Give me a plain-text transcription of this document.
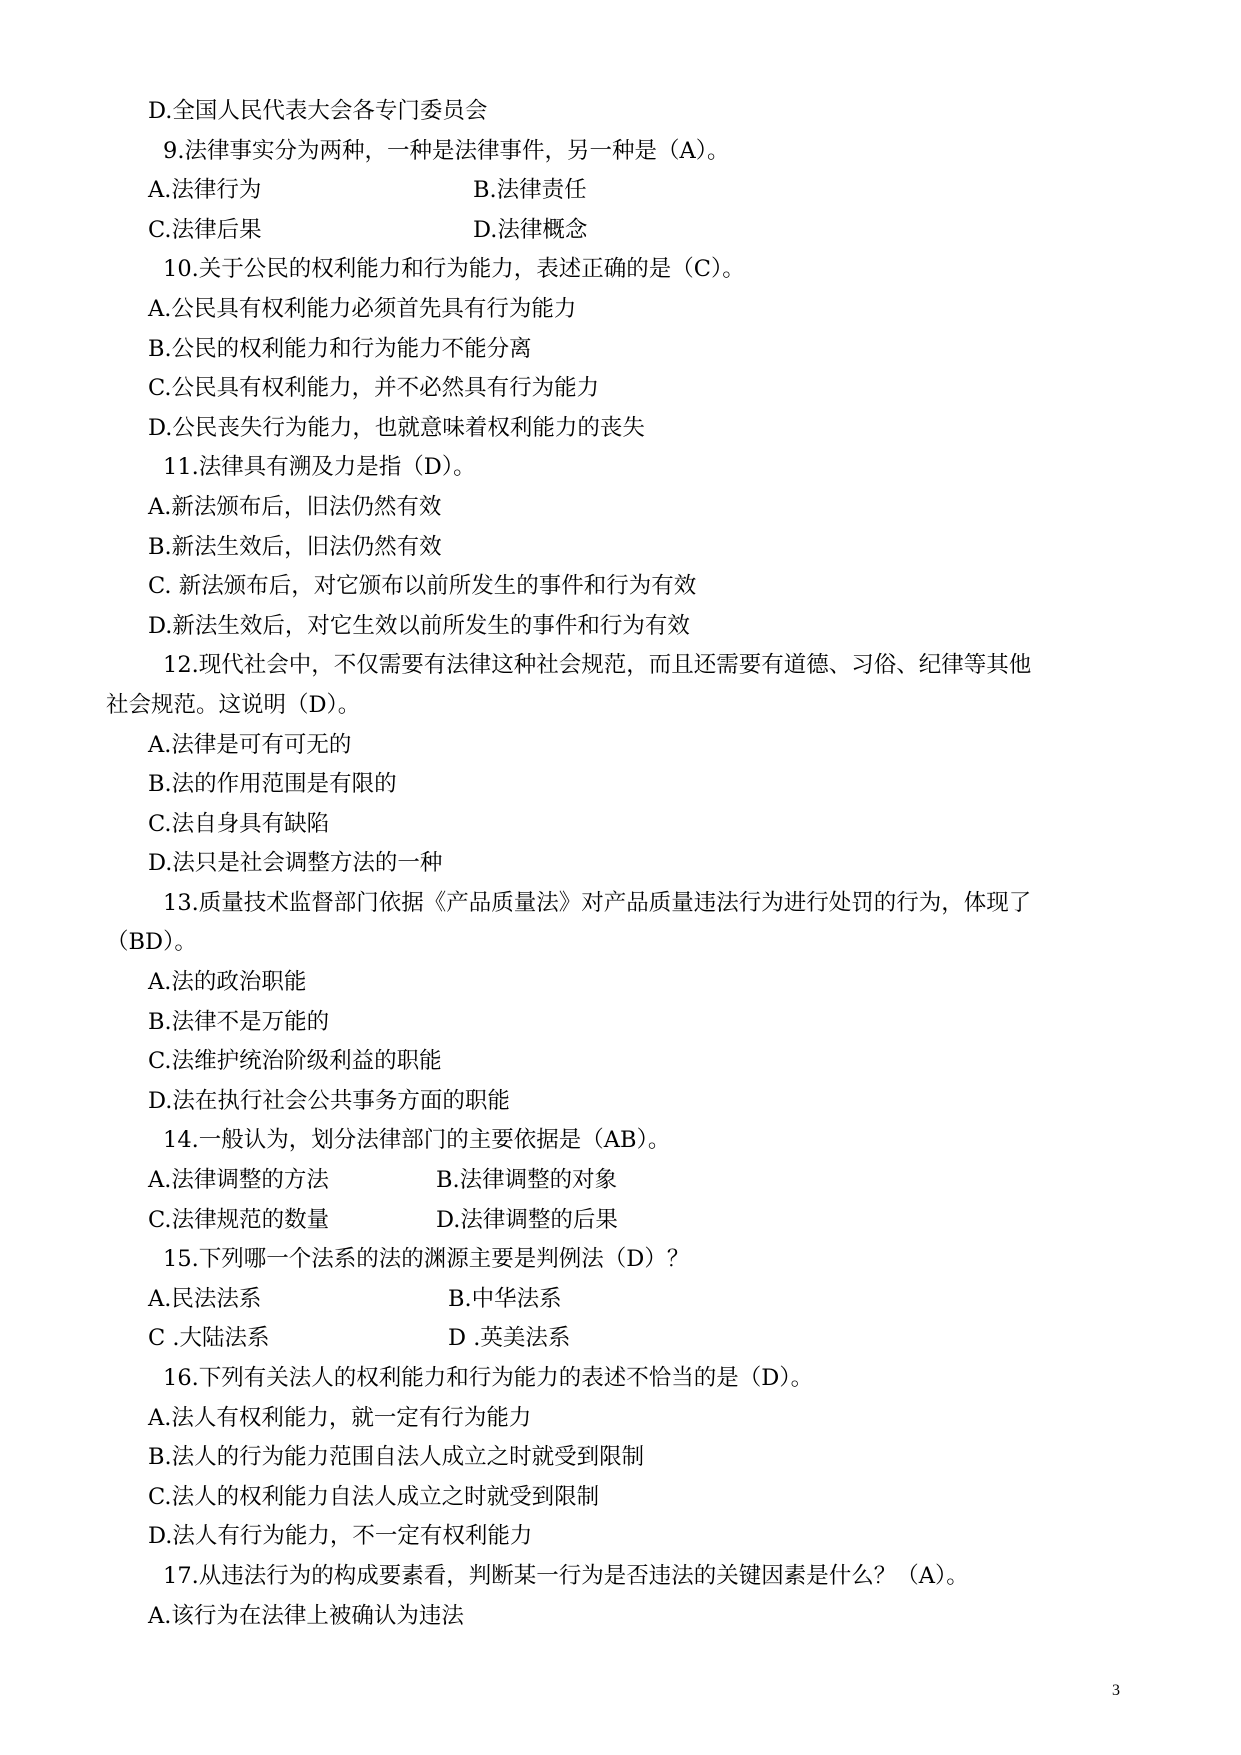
D.全国人民代表大会各专门委员会
9.法律事实分为两种，一种是法律事件，另一种是（A）。
A.法律行为	B.法律责任
C.法律后果	D.法律概念
10.关于公民的权利能力和行为能力，表述正确的是（C）。
A.公民具有权利能力必须首先具有行为能力
B.公民的权利能力和行为能力不能分离
C.公民具有权利能力，并不必然具有行为能力
D.公民丧失行为能力，也就意味着权利能力的丧失
11.法律具有溯及力是指（D）。
A.新法颁布后，旧法仍然有效
B.新法生效后，旧法仍然有效
C. 新法颁布后，对它颁布以前所发生的事件和行为有效
D.新法生效后，对它生效以前所发生的事件和行为有效
12.现代社会中，不仅需要有法律这种社会规范，而且还需要有道德、习俗、纪律等其他
社会规范。这说明（D）。
A.法律是可有可无的
B.法的作用范围是有限的
C.法自身具有缺陷
D.法只是社会调整方法的一种
13.质量技术监督部门依据《产品质量法》对产品质量违法行为进行处罚的行为，体现了
（BD）。
A.法的政治职能
B.法律不是万能的
C.法维护统治阶级利益的职能
D.法在执行社会公共事务方面的职能
14.一般认为，划分法律部门的主要依据是（AB）。
A.法律调整的方法	B.法律调整的对象
C.法律规范的数量	D.法律调整的后果
15.下列哪一个法系的法的渊源主要是判例法（D）？
A.民法法系	B.中华法系
C .大陆法系	D .英美法系
16.下列有关法人的权利能力和行为能力的表述不恰当的是（D）。
A.法人有权利能力，就一定有行为能力
B.法人的行为能力范围自法人成立之时就受到限制
C.法人的权利能力自法人成立之时就受到限制
D.法人有行为能力，不一定有权利能力
17.从违法行为的构成要素看，判断某一行为是否违法的关键因素是什么？（A）。
A.该行为在法律上被确认为违法
3
